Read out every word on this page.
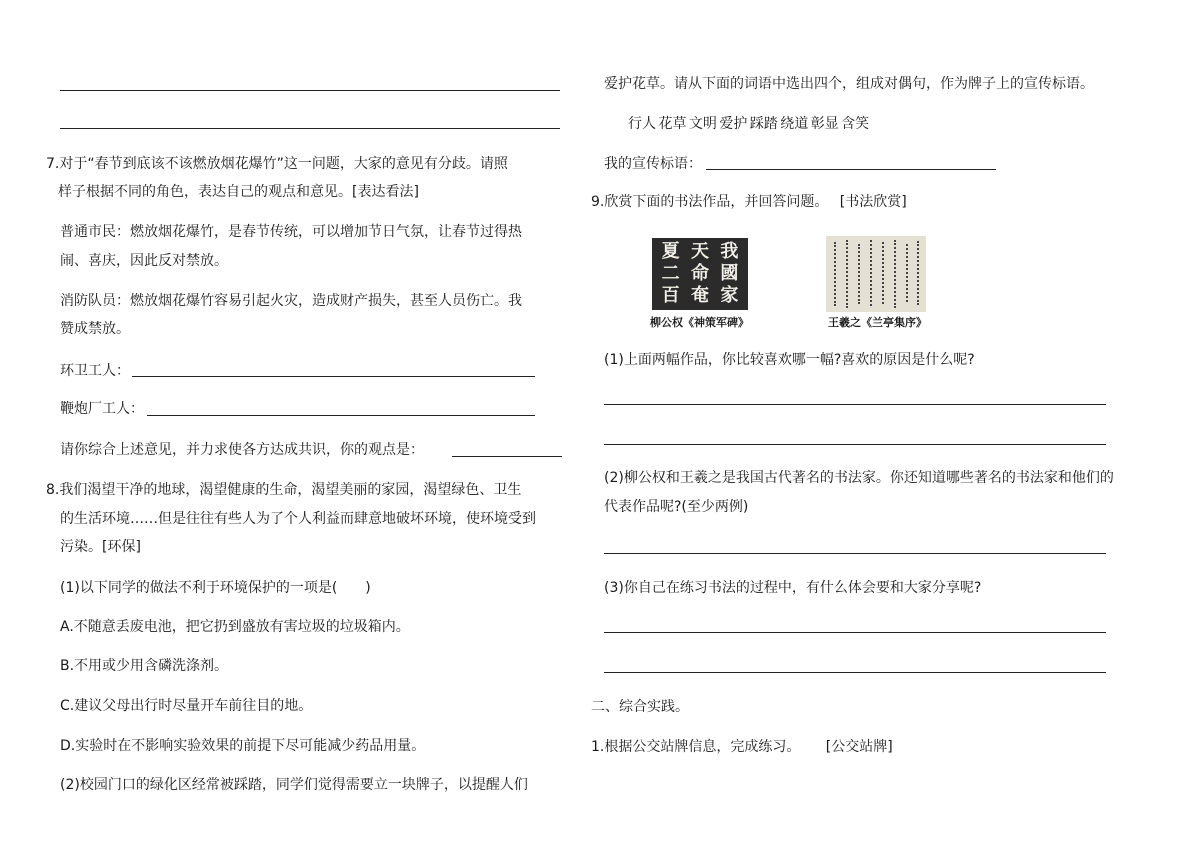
7.对于“春节到底该不该燃放烟花爆竹”这一问题，大家的意见有分歧。请照
样子根据不同的角色，表达自己的观点和意见。[表达看法]
普通市民：燃放烟花爆竹，是春节传统，可以增加节日气氛，让春节过得热
闹、喜庆，因此反对禁放。
消防队员：燃放烟花爆竹容易引起火灾，造成财产损失，甚至人员伤亡。我
赞成禁放。
环卫工人：
鞭炮厂工人：
请你综合上述意见，并力求使各方达成共识，你的观点是：
8.我们渴望干净的地球，渴望健康的生命，渴望美丽的家园，渴望绿色、卫生
的生活环境……但是往往有些人为了个人利益而肆意地破坏环境，使环境受到
污染。[环保]
(1)以下同学的做法不利于环境保护的一项是(　　)
A.不随意丢废电池，把它扔到盛放有害垃圾的垃圾箱内。
B.不用或少用含磷洗涤剂。
C.建议父母出行时尽量开车前往目的地。
D.实验时在不影响实验效果的前提下尽可能减少药品用量。
(2)校园门口的绿化区经常被踩踏，同学们觉得需要立一块牌子，以提醒人们
爱护花草。请从下面的词语中选出四个，组成对偶句，作为牌子上的宣传标语。
行人 花草 文明 爱护 踩踏 绕道 彰显 含笑
我的宣传标语：
9.欣赏下面的书法作品，并回答问题。　 [书法欣赏]
我
國
家
天
命
奄
夏
二
百
柳公权《神策军碑》	王羲之《兰亭集序》
(1)上面两幅作品，你比较喜欢哪一幅?喜欢的原因是什么呢?
(2)柳公权和王羲之是我国古代著名的书法家。你还知道哪些著名的书法家和他们的
代表作品呢?(至少两例)
(3)你自己在练习书法的过程中，有什么体会要和大家分享呢?
二、综合实践。
1.根据公交站牌信息，完成练习。　　 [公交站牌]
